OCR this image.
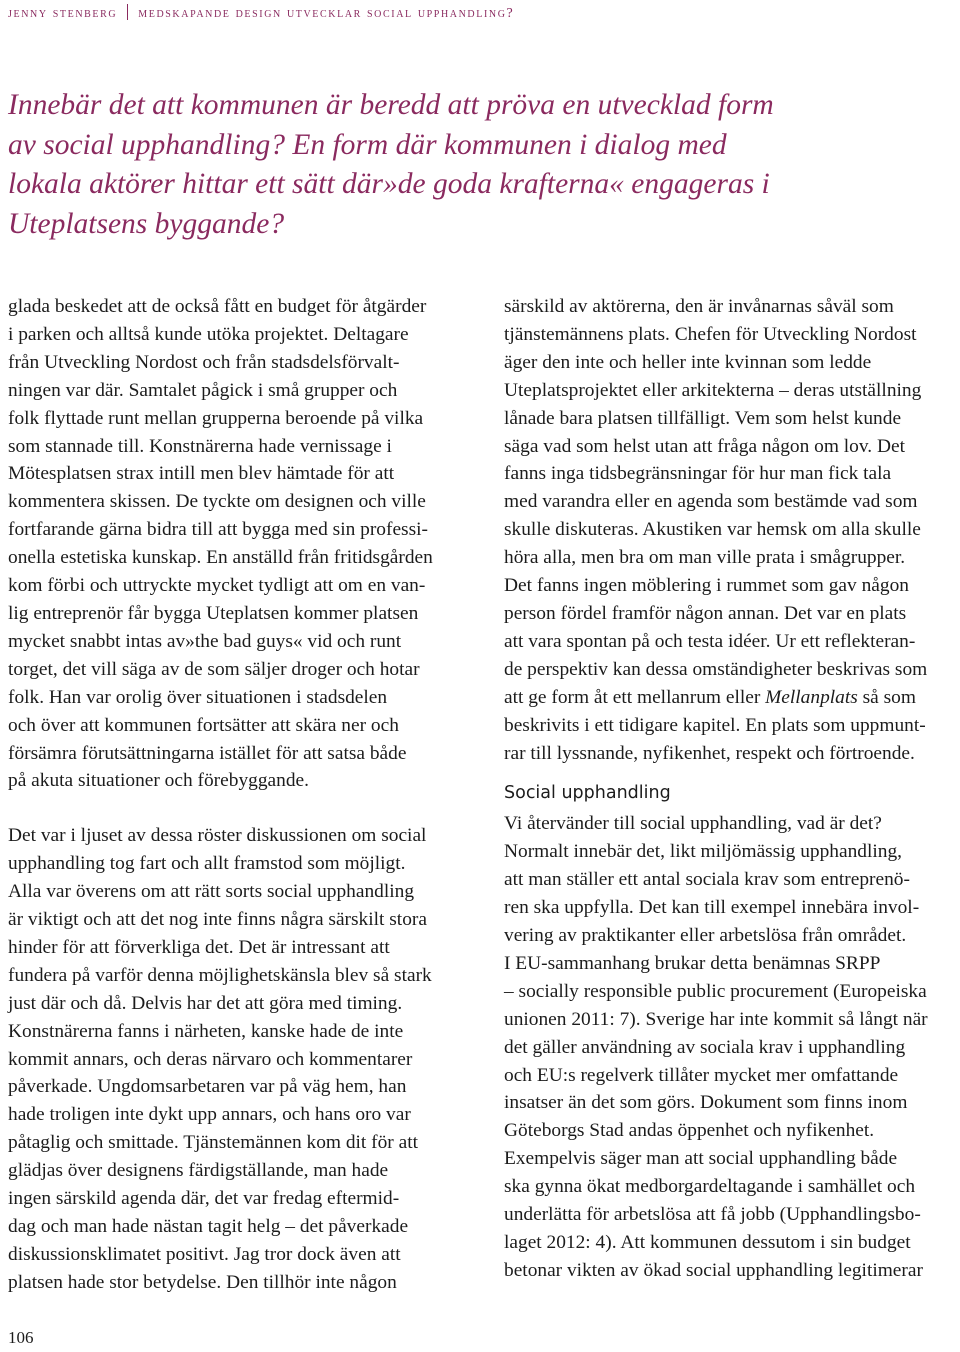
jenny stenberg medskapande design utvecklar social upphandling?
Innebär det att kommunen är beredd att pröva en utvecklad form
av social upphandling? En form där kommunen i dialog med
lokala aktörer hittar ett sätt där»de goda krafterna« engageras i
Uteplatsens byggande?

glada beskedet att de också fått en budget för åtgärder
i parken och alltså kunde utöka projektet. Deltagare
från Utveckling Nordost och från stadsdelsförvalt-
ningen var där. Samtalet pågick i små grupper och
folk flyttade runt mellan grupperna beroende på vilka
som stannade till. Konstnärerna hade vernissage i
Mötesplatsen strax intill men blev hämtade för att
kommentera skissen. De tyckte om designen och ville
fortfarande gärna bidra till att bygga med sin professi-
onella estetiska kunskap. En anställd från fritidsgården
kom förbi och uttryckte mycket tydligt att om en van-
lig entreprenör får bygga Uteplatsen kommer platsen
mycket snabbt intas av»the bad guys« vid och runt
torget, det vill säga av de som säljer droger och hotar
folk. Han var orolig över situationen i stadsdelen
och över att kommunen fortsätter att skära ner och
försämra förutsättningarna istället för att satsa både
på akuta situationer och förebyggande.

Det var i ljuset av dessa röster diskussionen om social
upphandling tog fart och allt framstod som möjligt.
Alla var överens om att rätt sorts social upphandling
är viktigt och att det nog inte finns några särskilt stora
hinder för att förverkliga det. Det är intressant att
fundera på varför denna möjlighetskänsla blev så stark
just där och då. Delvis har det att göra med timing.
Konstnärerna fanns i närheten, kanske hade de inte
kommit annars, och deras närvaro och kommentarer
påverkade. Ungdomsarbetaren var på väg hem, han
hade troligen inte dykt upp annars, och hans oro var
påtaglig och smittade. Tjänstemännen kom dit för att
glädjas över designens färdigställande, man hade
ingen särskild agenda där, det var fredag eftermid-
dag och man hade nästan tagit helg – det påverkade
diskussionsklimatet positivt. Jag tror dock även att
platsen hade stor betydelse. Den tillhör inte någon

särskild av aktörerna, den är invånarnas såväl som
tjänstemännens plats. Chefen för Utveckling Nordost
äger den inte och heller inte kvinnan som ledde
Uteplatsprojektet eller arkitekterna – deras utställning
lånade bara platsen tillfälligt. Vem som helst kunde
säga vad som helst utan att fråga någon om lov. Det
fanns inga tidsbegränsningar för hur man fick tala
med varandra eller en agenda som bestämde vad som
skulle diskuteras. Akustiken var hemsk om alla skulle
höra alla, men bra om man ville prata i smågrupper.
Det fanns ingen möblering i rummet som gav någon
person fördel framför någon annan. Det var en plats
att vara spontan på och testa idéer. Ur ett reflekteran-
de perspektiv kan dessa omständigheter beskrivas som
att ge form åt ett mellanrum eller Mellanplats så som
beskrivits i ett tidigare kapitel. En plats som uppmunt-
rar till lyssnande, nyfikenhet, respekt och förtroende.

Social upphandling

Vi återvänder till social upphandling, vad är det?
Normalt innebär det, likt miljömässig upphandling,
att man ställer ett antal sociala krav som entreprenö-
ren ska uppfylla. Det kan till exempel innebära invol-
vering av praktikanter eller arbetslösa från området.
I EU-sammanhang brukar detta benämnas SRPP
– socially responsible public procurement (Europeiska
unionen 2011: 7). Sverige har inte kommit så långt när
det gäller användning av sociala krav i upphandling
och EU:s regelverk tillåter mycket mer omfattande
insatser än det som görs. Dokument som finns inom
Göteborgs Stad andas öppenhet och nyfikenhet.
Exempelvis säger man att social upphandling både
ska gynna ökat medborgardeltagande i samhället och
underlätta för arbetslösa att få jobb (Upphandlingsbo-
laget 2012: 4). Att kommunen dessutom i sin budget
betonar vikten av ökad social upphandling legitimerar

106
